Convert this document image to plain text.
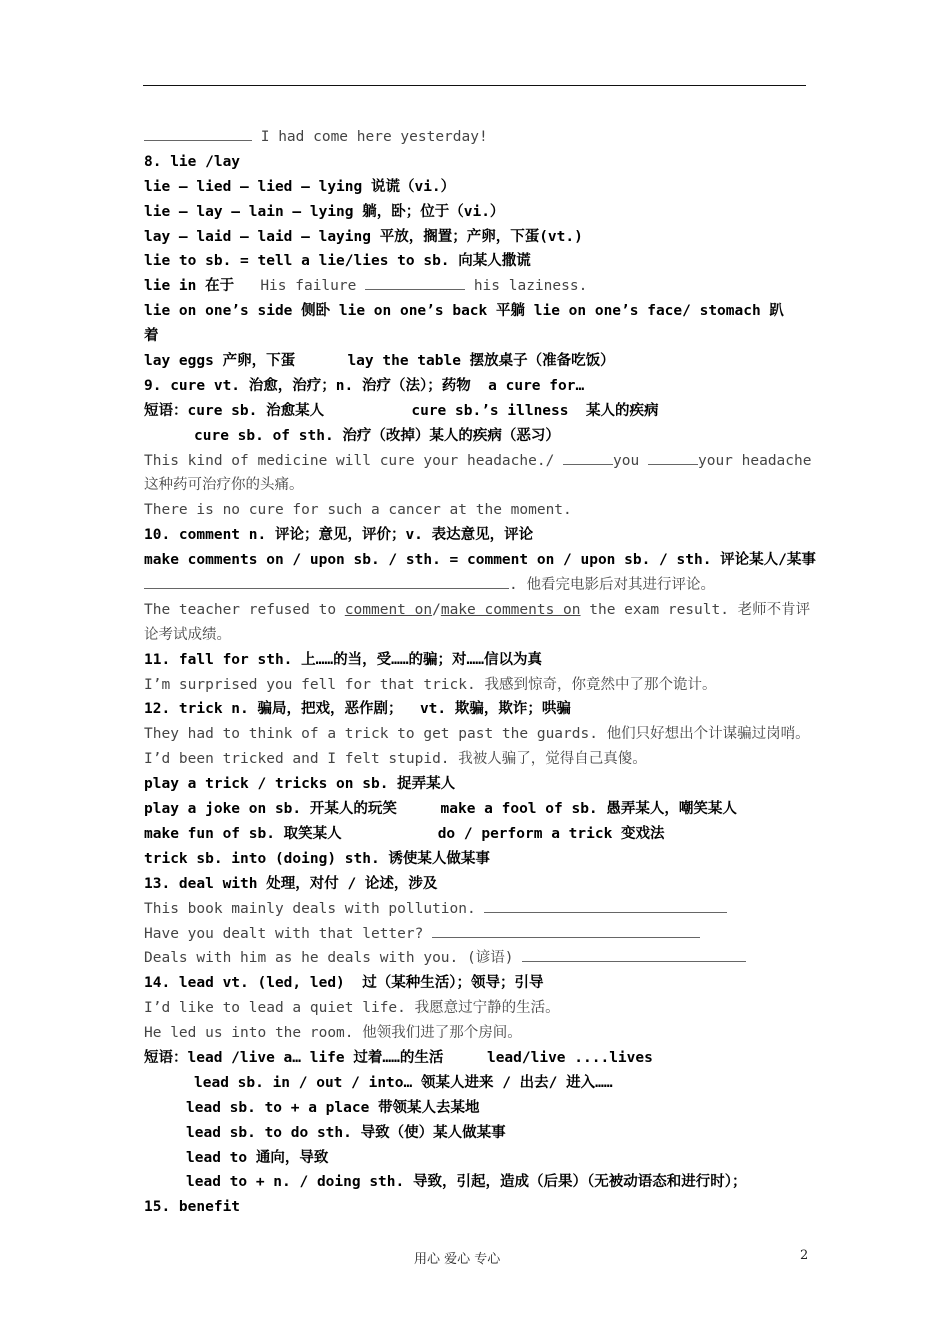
I had come here yesterday!
8. lie /lay
lie — lied — lied — lying 说谎（vi.）
lie — lay — lain — lying 躺，卧；位于（vi.）
lay — laid — laid — laying 平放，搁置；产卵，下蛋(vt.)
lie to sb. = tell a lie/lies to sb. 向某人撒谎
lie in 在于 His failure	his laziness.
lie on one’s side 侧卧 lie on one’s back 平躺 lie on one’s face/ stomach 趴
着
lay eggs 产卵，下蛋      lay the table 摆放桌子（准备吃饭）
9. cure vt. 治愈，治疗；n. 治疗（法）；药物  a cure for…
短语：cure sb. 治愈某人          cure sb.’s illness  某人的疾病
cure sb. of sth. 治疗（改掉）某人的疾病（恶习）
This kind of medicine will cure your headache./	you	your headache
这种药可治疗你的头痛。
There is no cure for such a cancer at the moment.
10. comment n. 评论；意见，评价；v. 表达意见，评论
make comments on / upon sb. / sth. = comment on / upon sb. / sth. 评论某人/某事
. 他看完电影后对其进行评论。
The teacher refused to comment on/make comments on the exam result. 老师不肯评
论考试成绩。
11. fall for sth. 上……的当，受……的骗；对……信以为真
I’m surprised you fell for that trick. 我感到惊奇，你竟然中了那个诡计。
12. trick n. 骗局，把戏，恶作剧；  vt. 欺骗，欺诈；哄骗
They had to think of a trick to get past the guards. 他们只好想出个计谋骗过岗哨。
I’d been tricked and I felt stupid. 我被人骗了，觉得自己真傻。
play a trick / tricks on sb. 捉弄某人
play a joke on sb. 开某人的玩笑     make a fool of sb. 愚弄某人，嘲笑某人
make fun of sb. 取笑某人           do / perform a trick 变戏法
trick sb. into (doing) sth. 诱使某人做某事
13. deal with 处理，对付 / 论述，涉及
This book mainly deals with pollution.
Have you dealt with that letter?
Deals with him as he deals with you. (谚语)
14. lead vt. (led, led)  过（某种生活）；领导；引导
I’d like to lead a quiet life. 我愿意过宁静的生活。
He led us into the room. 他领我们进了那个房间。
短语：lead /live a… life 过着……的生活     lead/live ....lives
lead sb. in / out / into… 领某人进来 / 出去/ 进入……
lead sb. to + a place 带领某人去某地
lead sb. to do sth. 导致（使）某人做某事
lead to 通向，导致
lead to + n. / doing sth. 导致，引起，造成（后果）（无被动语态和进行时）；
15. benefit
用心 爱心 专心	2
